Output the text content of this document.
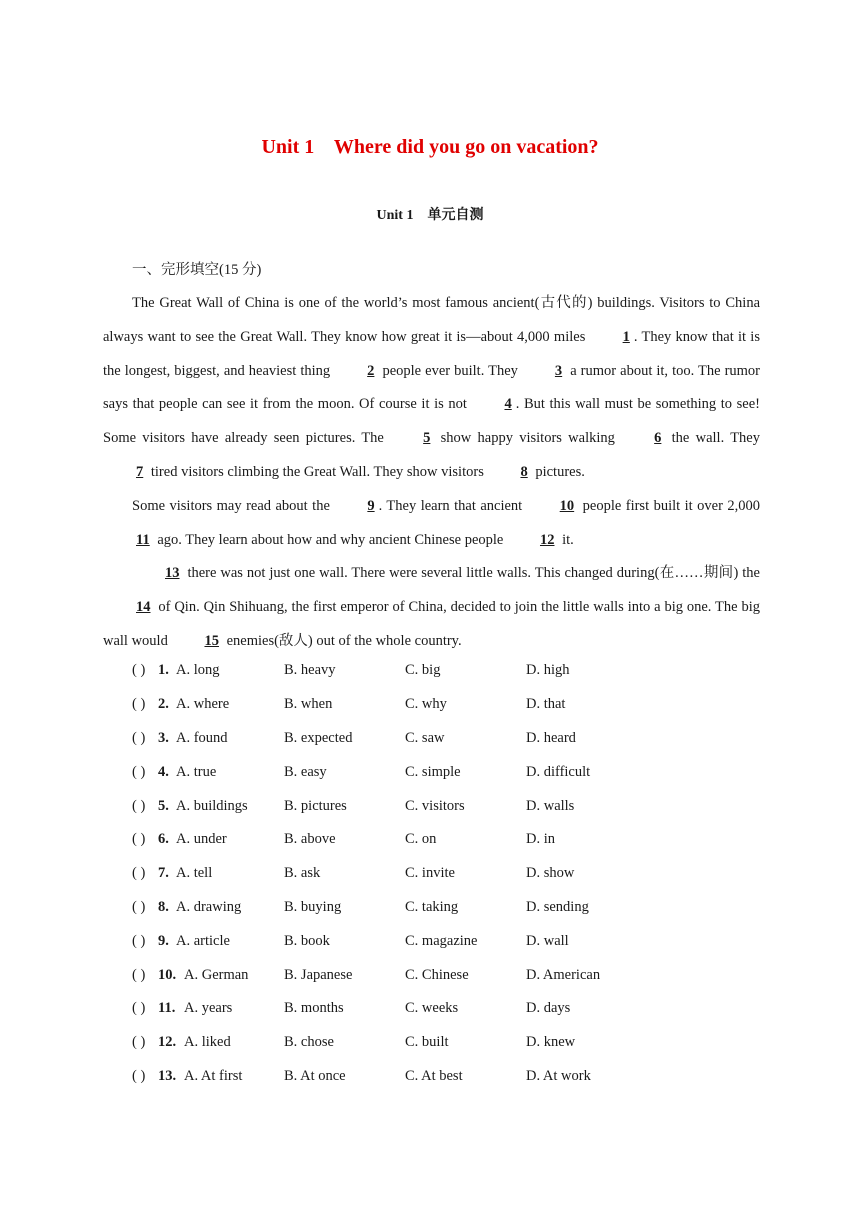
Unit 1    Where did you go on vacation?
Unit 1    单元自测
一、完形填空(15 分)

The Great Wall of China is one of the world’s most famous ancient(古代的) buildings. Visitors to China always want to see the Great Wall. They know how great it is—about 4,000 miles 1 . They know that it is the longest, biggest, and heaviest thing 2 people ever built. They 3 a rumor about it, too. The rumor says that people can see it from the moon. Of course it is not 4 . But this wall must be something to see! Some visitors have already seen pictures. The 5 show happy visitors walking 6 the wall. They 7 tired visitors climbing the Great Wall. They show visitors 8 pictures.

Some visitors may read about the 9 . They learn that ancient 10 people first built it over 2,000 11 ago. They learn about how and why ancient Chinese people 12 it.

13 there was not just one wall. There were several little walls. This changed during(在……期间) the 14 of Qin. Qin Shihuang, the first emperor of China, decided to join the little walls into a big one. The big wall would 15 enemies(敌人) out of the whole country.

( ) 1. A. long	B. heavy	C. big	D. high
( ) 2. A. where	B. when	C. why	D. that
( ) 3. A. found	B. expected	C. saw	D. heard
( ) 4. A. true	B. easy	C. simple	D. difficult
( ) 5. A. buildings	B. pictures	C. visitors	D. walls
( ) 6. A. under	B. above	C. on	D. in
( ) 7. A. tell	B. ask	C. invite	D. show
( ) 8. A. drawing	B. buying	C. taking	D. sending
( ) 9. A. article	B. book	C. magazine	D. wall
( ) 10. A. German B. Japanese	C. Chinese	D. American
( ) 11. A. years	B. months	C. weeks	D. days
( ) 12. A. liked	B. chose	C. built	D. knew
( ) 13. A. At first	B. At once	C. At best	D. At work
